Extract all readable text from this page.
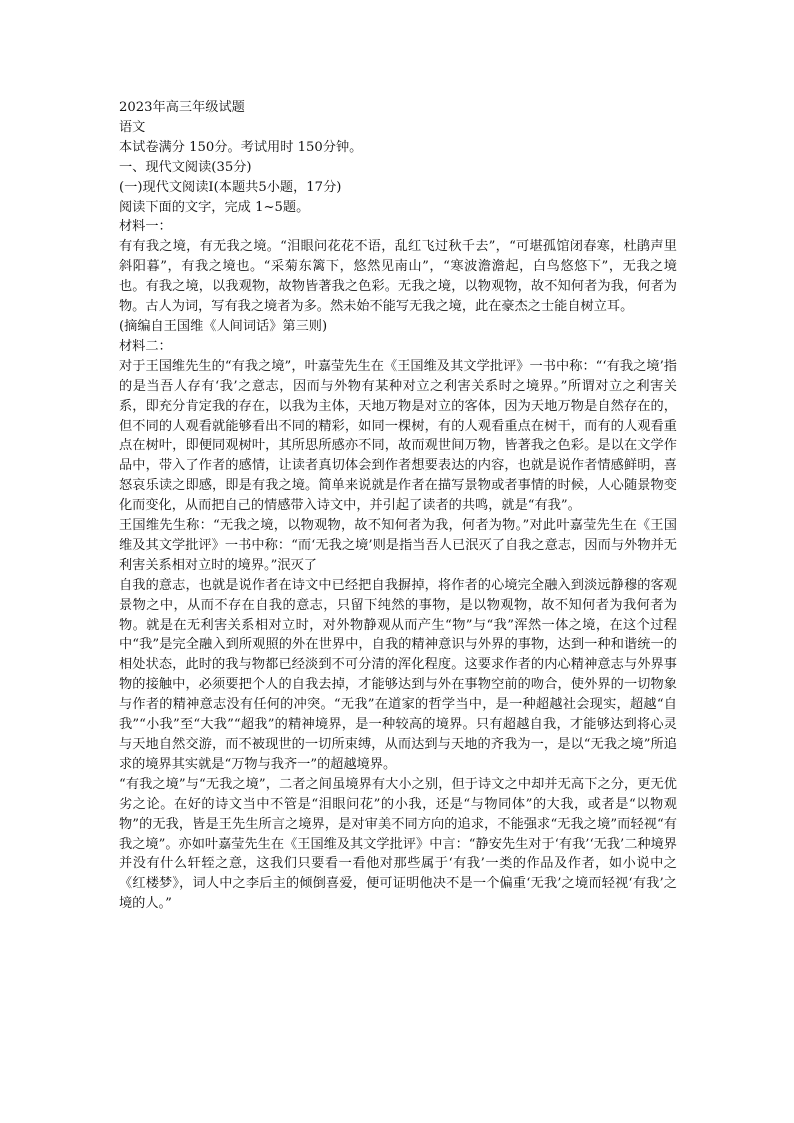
2023年高三年级试题
语文
本试卷满分 150分。考试用时 150分钟。
一、现代文阅读(35分)
(一)现代文阅读Ⅰ(本题共5小题，17分)
阅读下面的文字，完成 1~5题。
材料一：

有有我之境，有无我之境。“泪眼问花花不语，乱红飞过秋千去”，“可堪孤馆闭春寒，杜鹃声里斜阳暮”，有我之境也。“采菊东篱下，悠然见南山”，“寒波澹澹起，白鸟悠悠下”，无我之境也。有我之境，以我观物，故物皆著我之色彩。无我之境，以物观物，故不知何者为我，何者为物。古人为词，写有我之境者为多。然未始不能写无我之境，此在豪杰之士能自树立耳。

(摘编自王国维《人间词话》第三则)
材料二：

对于王国维先生的“有我之境”，叶嘉莹先生在《王国维及其文学批评》一书中称：“‘有我之境’指的是当吾人存有‘我’之意志，因而与外物有某种对立之利害关系时之境界。”所谓对立之利害关系，即充分肯定我的存在，以我为主体，天地万物是对立的客体，因为天地万物是自然存在的，但不同的人观看就能够看出不同的精彩，如同一棵树，有的人观看重点在树干，而有的人观看重点在树叶，即便同观树叶，其所思所感亦不同，故而观世间万物，皆著我之色彩。是以在文学作品中，带入了作者的感情，让读者真切体会到作者想要表达的内容，也就是说作者情感鲜明，喜怒哀乐读之即感，即是有我之境。简单来说就是作者在描写景物或者事情的时候，人心随景物变化而变化，从而把自己的情感带入诗文中，并引起了读者的共鸣，就是“有我”。

王国维先生称：“无我之境，以物观物，故不知何者为我，何者为物。”对此叶嘉莹先生在《王国维及其文学批评》一书中称：“而‘无我之境’则是指当吾人已泯灭了自我之意志，因而与外物并无利害关系相对立时的境界。”泯灭了

自我的意志，也就是说作者在诗文中已经把自我摒掉，将作者的心境完全融入到淡远静穆的客观景物之中，从而不存在自我的意志，只留下纯然的事物，是以物观物，故不知何者为我何者为物。就是在无利害关系相对立时，对外物静观从而产生“物”与“我”浑然一体之境，在这个过程中“我”是完全融入到所观照的外在世界中，自我的精神意识与外界的事物，达到一种和谐统一的相处状态，此时的我与物都已经淡到不可分清的浑化程度。这要求作者的内心精神意志与外界事物的接触中，必须要把个人的自我去掉，才能够达到与外在事物空前的吻合，使外界的一切物象与作者的精神意志没有任何的冲突。“无我”在道家的哲学当中，是一种超越社会现实，超越“自我”“小我”至“大我”“超我”的精神境界，是一种较高的境界。只有超越自我，才能够达到将心灵与天地自然交游，而不被现世的一切所束缚，从而达到与天地的齐我为一，是以“无我之境”所追求的境界其实就是“万物与我齐一”的超越境界。

“有我之境”与“无我之境”，二者之间虽境界有大小之别，但于诗文之中却并无高下之分，更无优劣之论。在好的诗文当中不管是“泪眼问花”的小我，还是“与物同体”的大我，或者是“以物观物”的无我，皆是王先生所言之境界，是对审美不同方向的追求，不能强求“无我之境”而轻视“有我之境”。亦如叶嘉莹先生在《王国维及其文学批评》中言：“静安先生对于‘有我’‘无我’二种境界并没有什么轩轾之意，这我们只要看一看他对那些属于‘有我’一类的作品及作者，如小说中之《红楼梦》，词人中之李后主的倾倒喜爱，便可证明他决不是一个偏重‘无我’之境而轻视‘有我’之境的人。”
